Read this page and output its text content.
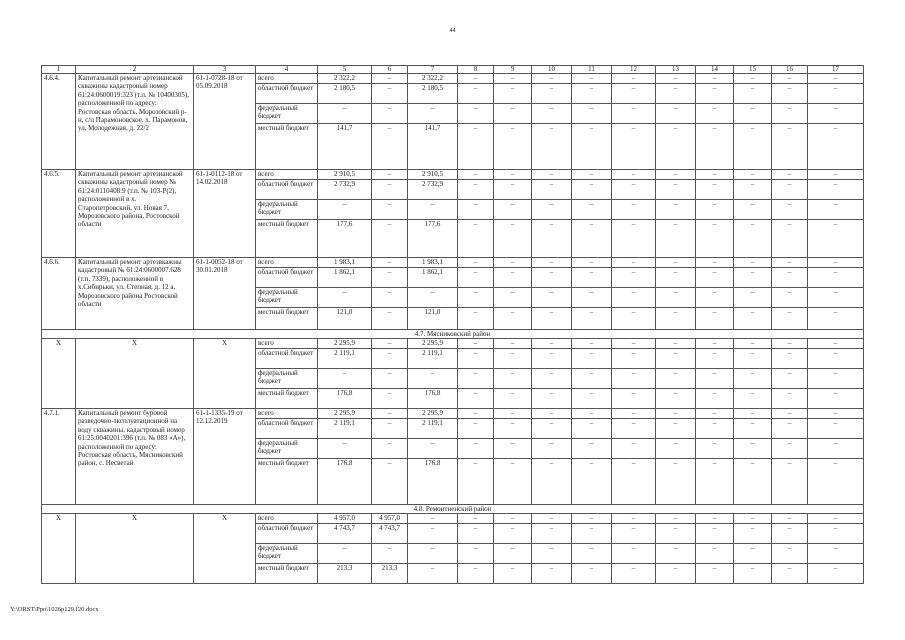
44
1	2	3	4	5	6	7	8	9	10	11	12	13	14	15	16	17
4.6.4.	Капитальный ремонт артезианской скважины кадастровый номер 61:24:0600019:323 (т.п. № 10400305), расположенной по адресу: Ростовская область, Морозовский р-н, с/п Парамоновское, х. Парамонов, ул. Молодежная, д. 22/2	61-1-0728-18 от 05.09.2018	всего	2 322,2	–	2 322,2	–	–	–	–	–	–	–	–	–	–
			областной бюджет	2 180,5	–	2 180,5	–	–	–	–	–	–	–	–	–	–
			федеральный бюджет	–	–	–	–	–	–	–	–	–	–	–	–	–
			местный бюджет	141,7	–	141,7	–	–	–	–	–	–	–	–	–	–
4.6.5.	Капитальный ремонт артезианской скважины кадастровый номер № 61:24:0110408:9 (т.п. № 103-Р(2), расположенной в х. Старопетровский, ул. Новая 7, Морозовского района, Ростовской области	61-1-0112-18 от 14.02.2018	всего	2 910,5	–	2 910,5	–	–	–	–	–	–	–	–	–	–
			областной бюджет	2 732,9	–	2 732,9	–	–	–	–	–	–	–	–	–	–
			федеральный бюджет	–	–	–	–	–	–	–	–	–	–	–	–	–
			местный бюджет	177,6	–	177,6	–	–	–	–	–	–	–	–	–	–
4.6.6.	Капитальный ремонт артезвкажны кадастровый № 61:24:0600007.628 (т.п. 7339), расположенной в х.Сибирьки, ул. Степная, д. 12 а, Морозовского района Ростовской области	61-1-0052-18 от 30.01.2018	всего	1 983,1	–	1 983,1	–	–	–	–	–	–	–	–	–	–
			областной бюджет	1 862,1	–	1 862,1	–	–	–	–	–	–	–	–	–	–
			федеральный бюджет	–	–	–	–	–	–	–	–	–	–	–	–	–
			местный бюджет	121,0	–	121,0	–	–	–	–	–	–	–	–	–	–
4.7. Мясниковский район																
X	X	X	всего	2 295,9	–	2 295,9	–	–	–	–	–	–	–	–	–	–
			областной бюджет	2 119,1	–	2 119,1	–	–	–	–	–	–	–	–	–	–
			федеральный бюджет	–	–	–	–	–	–	–	–	–	–	–	–	–
			местный бюджет	176,8	–	176,8	–	–	–	–	–	–	–	–	–	–
4.7.1.	Капитальный ремонт буровой разведочно-эксплуатационной на воду скважины, кадастровый номер 61:25:0040201:396 (т.п. № 083 «А»), расположенной по адресу: Ростовская область, Мясниковский район, с. Несветай	61-1-1335-19 от 12.12.2019	всего	2 295,9	–	2 295,9	–	–	–	–	–	–	–	–	–	–
			областной бюджет	2 119,1	–	2 119,1	–	–	–	–	–	–	–	–	–	–
			федеральный бюджет	–	–	–	–	–	–	–	–	–	–	–	–	–
			местный бюджет	176,8	–	176,8	–	–	–	–	–	–	–	–	–	–
4.8. Ремонтненский район																
X	X	X	всего	4 957,0	4 957,0	–	–	–	–	–	–	–	–	–	–	–
			областной бюджет	4 743,7	4 743,7	–	–	–	–	–	–	–	–	–	–	–
			федеральный бюджет	–	–	–	–	–	–	–	–	–	–	–	–	–
			местный бюджет	213,3	213,3	–	–	–	–	–	–	–	–	–	–	–
Y:\ORST\Ppo\1026p129.f20.docx
